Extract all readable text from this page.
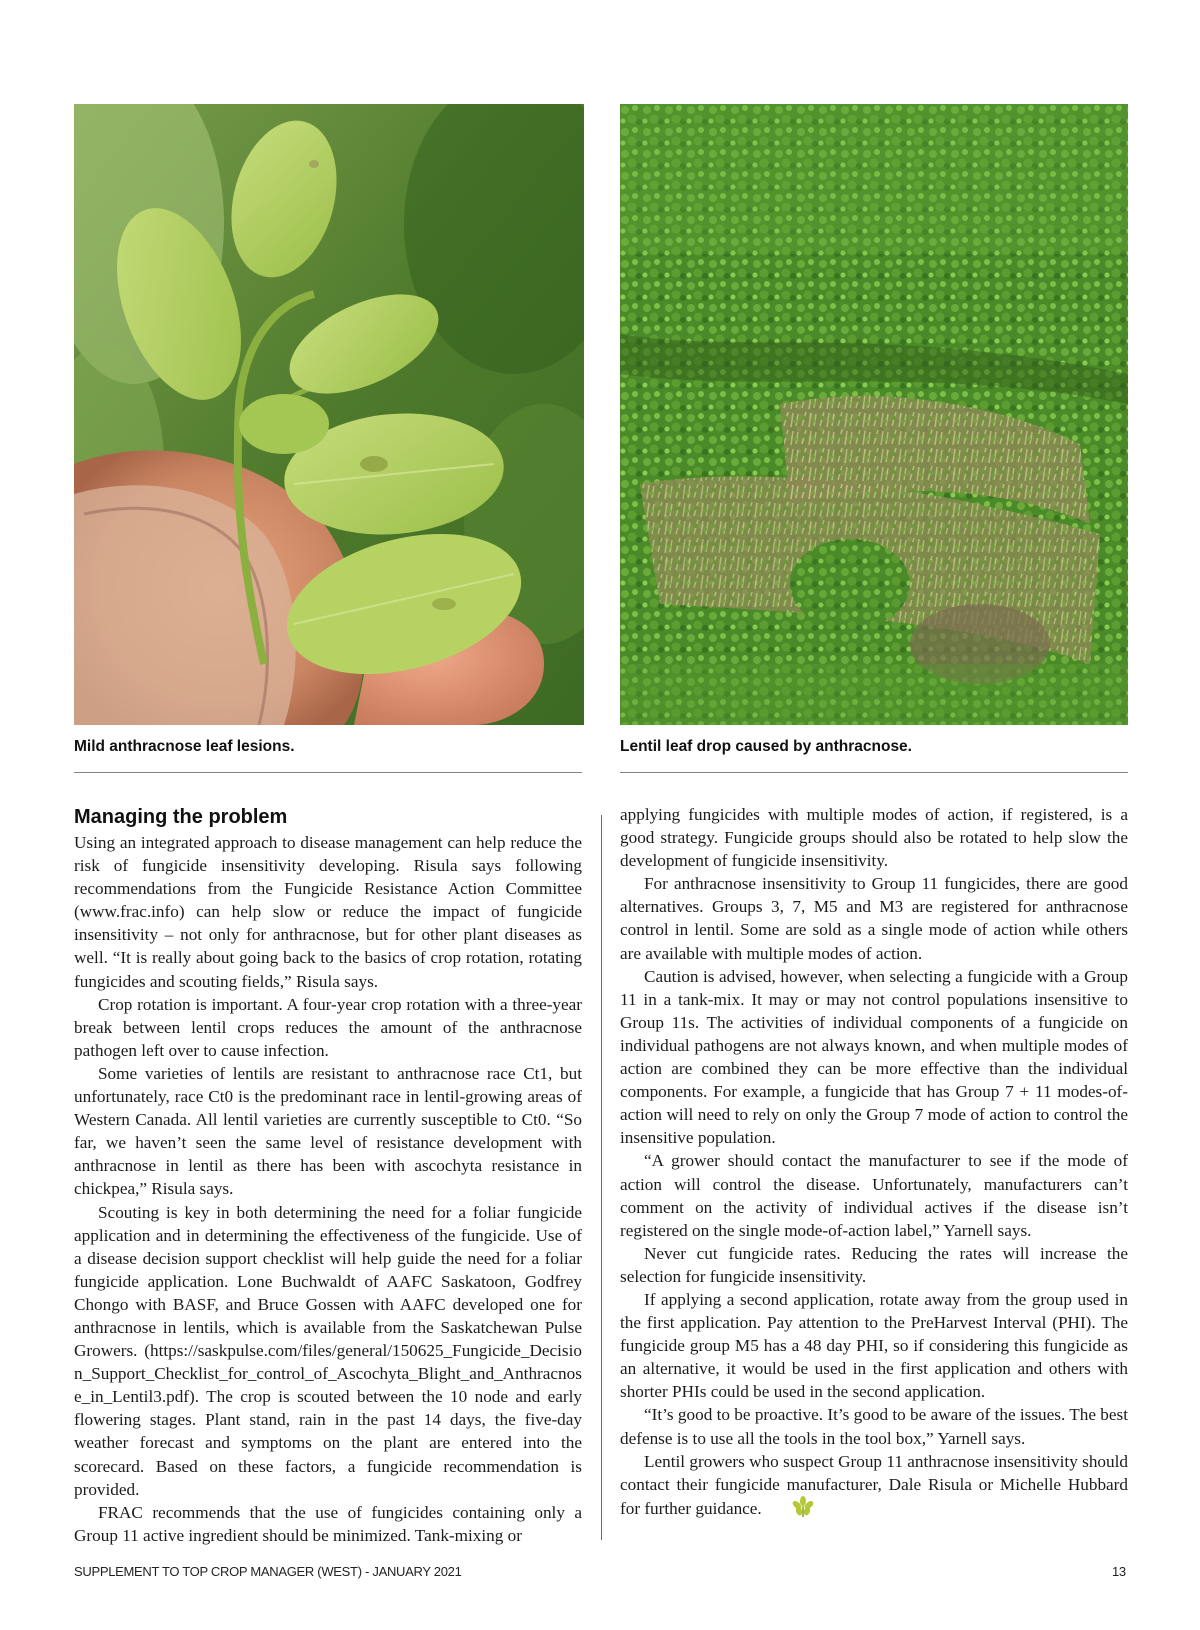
Mild anthracnose leaf lesions.	Lentil leaf drop caused by anthracnose.
Managing the problem

Using an integrated approach to disease management can help reduce the risk of fungicide insensitivity developing. Risula says following recommendations from the Fungicide Resistance Action Committee (www.frac.info) can help slow or reduce the impact of fungicide insensitivity – not only for anthracnose, but for other plant diseases as well. “It is really about going back to the basics of crop rotation, rotating fungicides and scouting fields,” Risula says.

Crop rotation is important. A four-year crop rotation with a three-year break between lentil crops reduces the amount of the anthracnose pathogen left over to cause infection.

Some varieties of lentils are resistant to anthracnose race Ct1, but unfortunately, race Ct0 is the predominant race in lentil-growing areas of Western Canada. All lentil varieties are currently susceptible to Ct0. “So far, we haven’t seen the same level of resistance development with anthracnose in lentil as there has been with ascochyta resistance in chickpea,” Risula says.

Scouting is key in both determining the need for a foliar fungicide application and in determining the effectiveness of the fungicide. Use of a disease decision support checklist will help guide the need for a foliar fungicide application. Lone Buchwaldt of AAFC Saskatoon, Godfrey Chongo with BASF, and Bruce Gossen with AAFC developed one for anthracnose in lentils, which is available from the Saskatchewan Pulse Growers. (https://saskpulse.com/files/general/150625_Fungicide_Decision_Support_Checklist_for_control_of_Ascochyta_Blight_and_Anthracnose_in_Lentil3.pdf). The crop is scouted between the 10 node and early flowering stages. Plant stand, rain in the past 14 days, the five-day weather forecast and symptoms on the plant are entered into the scorecard. Based on these factors, a fungicide recommendation is provided.

FRAC recommends that the use of fungicides containing only a Group 11 active ingredient should be minimized. Tank-mixing or

applying fungicides with multiple modes of action, if registered, is a good strategy. Fungicide groups should also be rotated to help slow the development of fungicide insensitivity.

For anthracnose insensitivity to Group 11 fungicides, there are good alternatives. Groups 3, 7, M5 and M3 are registered for anthracnose control in lentil. Some are sold as a single mode of action while others are available with multiple modes of action.

Caution is advised, however, when selecting a fungicide with a Group 11 in a tank-mix. It may or may not control populations insensitive to Group 11s. The activities of individual components of a fungicide on individual pathogens are not always known, and when multiple modes of action are combined they can be more effective than the individual components. For example, a fungicide that has Group 7 + 11 modes-of-action will need to rely on only the Group 7 mode of action to control the insensitive population.

“A grower should contact the manufacturer to see if the mode of action will control the disease. Unfortunately, manufacturers can’t comment on the activity of individual actives if the disease isn’t registered on the single mode-of-action label,” Yarnell says.

Never cut fungicide rates. Reducing the rates will increase the selection for fungicide insensitivity.

If applying a second application, rotate away from the group used in the first application. Pay attention to the PreHarvest Interval (PHI). The fungicide group M5 has a 48 day PHI, so if considering this fungicide as an alternative, it would be used in the first application and others with shorter PHIs could be used in the second application.

“It’s good to be proactive. It’s good to be aware of the issues. The best defense is to use all the tools in the tool box,” Yarnell says.

Lentil growers who suspect Group 11 anthracnose insensitivity should contact their fungicide manufacturer, Dale Risula or Michelle Hubbard for further guidance.

SUPPLEMENT TO TOP CROP MANAGER (WEST) - JANUARY 2021	13
